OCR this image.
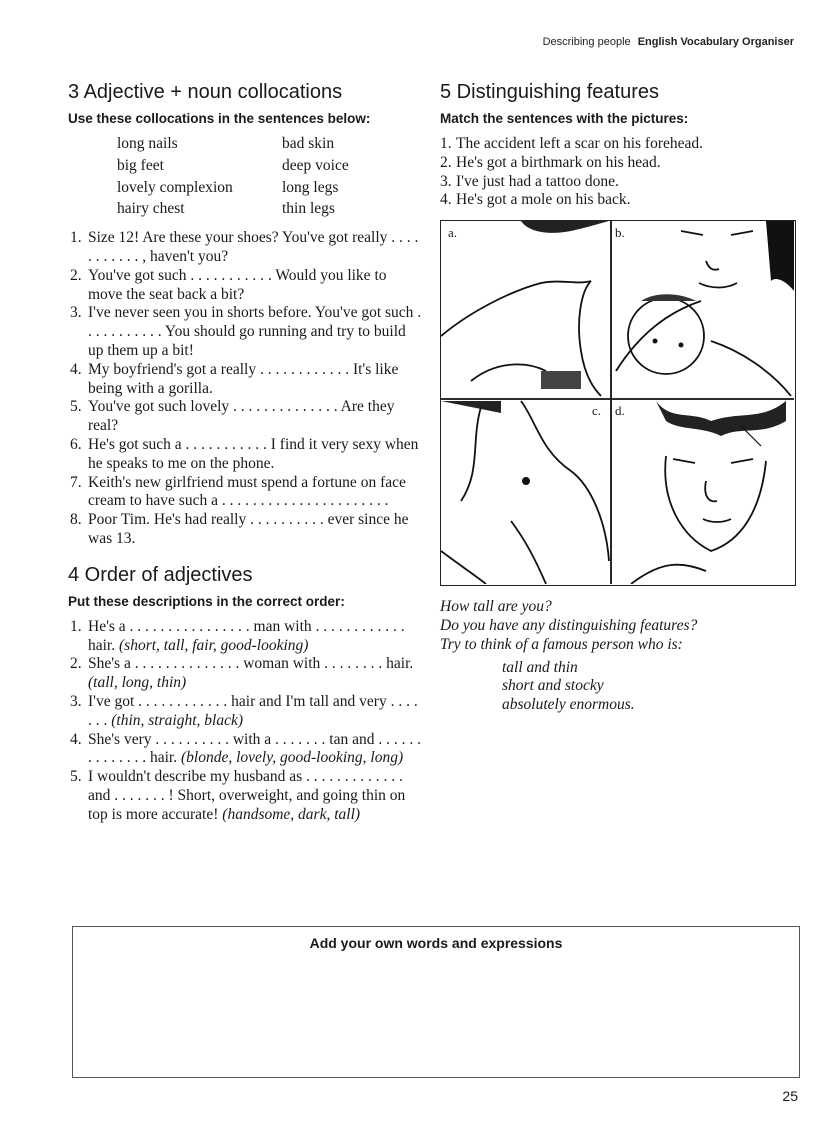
Describing people English Vocabulary Organiser
3 Adjective + noun collocations

Use these collocations in the sentences below:

long nails	bad skin
big feet	deep voice
lovely complexion	long legs
hairy chest	thin legs
1. Size 12! Are these your shoes? You've got really . . . . . . . . . . . , haven't you?
2. You've got such . . . . . . . . . . . Would you like to move the seat back a bit?
3. I've never seen you in shorts before. You've got such . . . . . . . . . . . You should go running and try to build up them up a bit!
4. My boyfriend's got a really . . . . . . . . . . . . It's like being with a gorilla.
5. You've got such lovely . . . . . . . . . . . . . . Are they real?
6. He's got such a . . . . . . . . . . . I find it very sexy when he speaks to me on the phone.
7. Keith's new girlfriend must spend a fortune on face cream to have such a . . . . . . . . . . . . . . . . . . . . . .
8. Poor Tim. He's had really . . . . . . . . . . ever since he was 13.
4 Order of adjectives

Put these descriptions in the correct order:

1. He's a . . . . . . . . . . . . . . . . man with . . . . . . . . . . . . hair. (short, tall, fair, good-looking)
2. She's a . . . . . . . . . . . . . . woman with . . . . . . . . hair. (tall, long, thin)
3. I've got . . . . . . . . . . . . hair and I'm tall and very . . . . . . . (thin, straight, black)
4. She's very . . . . . . . . . . with a . . . . . . . tan and . . . . . . . . . . . . . . hair. (blonde, lovely, good-looking, long)
5. I wouldn't describe my husband as . . . . . . . . . . . . . and . . . . . . . ! Short, overweight, and going thin on top is more accurate! (handsome, dark, tall)
5 Distinguishing features

Match the sentences with the pictures:

1. The accident left a scar on his forehead.
2. He's got a birthmark on his head.
3. I've just had a tattoo done.
4. He's got a mole on his back.
a.	b.
c. d.
How tall are you?
Do you have any distinguishing features?
Try to think of a famous person who is:
tall and thin
short and stocky
absolutely enormous.
Add your own words and expressions
25
